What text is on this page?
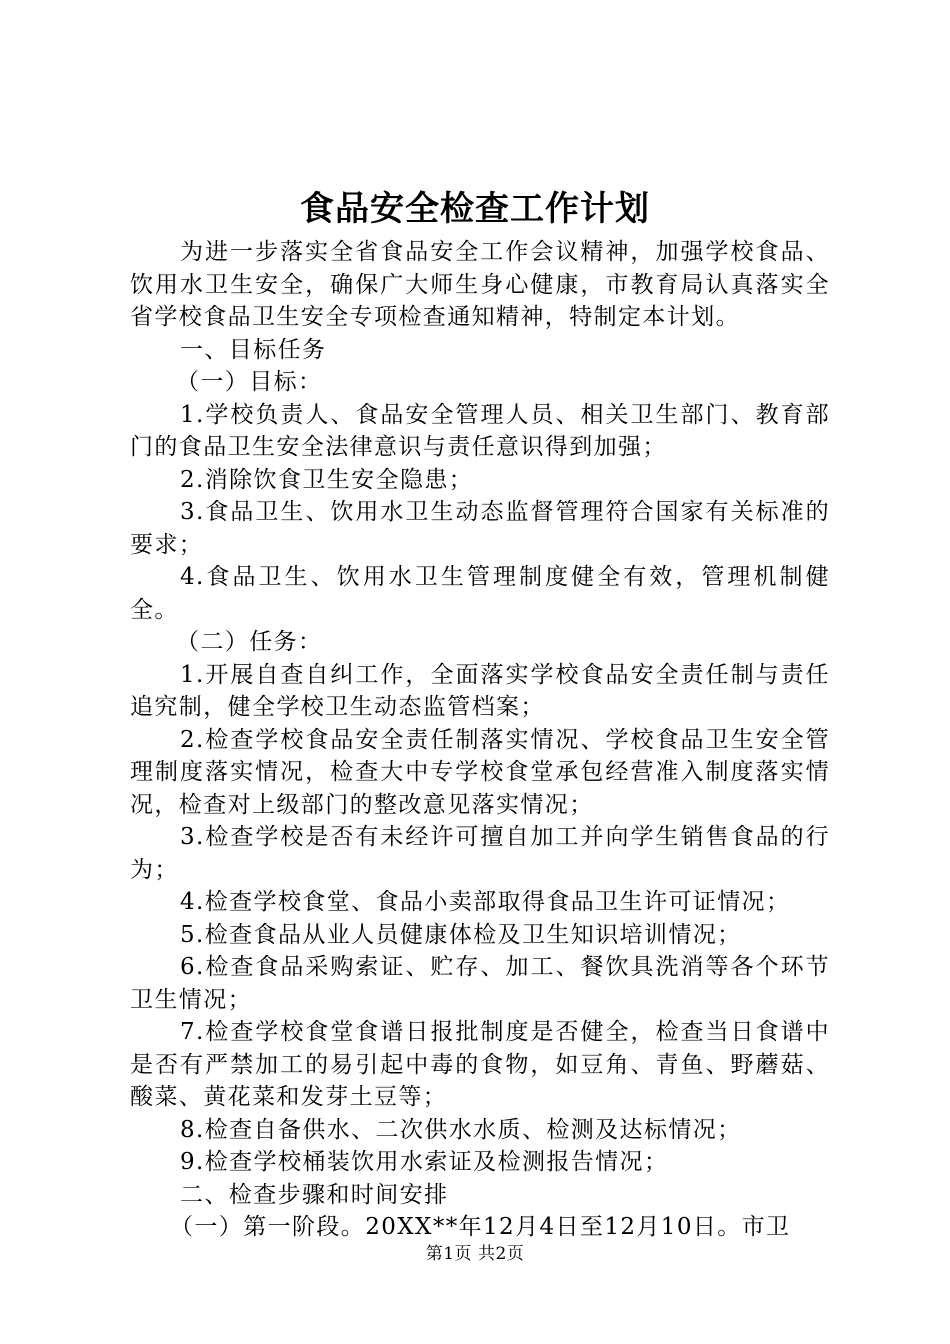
食品安全检查工作计划

为进一步落实全省食品安全工作会议精神，加强学校食品、饮用水卫生安全，确保广大师生身心健康，市教育局认真落实全省学校食品卫生安全专项检查通知精神，特制定本计划。

一、目标任务

（一）目标：

1.学校负责人、食品安全管理人员、相关卫生部门、教育部门的食品卫生安全法律意识与责任意识得到加强；

2.消除饮食卫生安全隐患；

3.食品卫生、饮用水卫生动态监督管理符合国家有关标准的要求；

4.食品卫生、饮用水卫生管理制度健全有效，管理机制健全。

（二）任务：

1.开展自查自纠工作，全面落实学校食品安全责任制与责任追究制，健全学校卫生动态监管档案；

2.检查学校食品安全责任制落实情况、学校食品卫生安全管理制度落实情况，检查大中专学校食堂承包经营准入制度落实情况，检查对上级部门的整改意见落实情况；

3.检查学校是否有未经许可擅自加工并向学生销售食品的行为；

4.检查学校食堂、食品小卖部取得食品卫生许可证情况；

5.检查食品从业人员健康体检及卫生知识培训情况；

6.检查食品采购索证、贮存、加工、餐饮具洗消等各个环节卫生情况；

7.检查学校食堂食谱日报批制度是否健全，检查当日食谱中是否有严禁加工的易引起中毒的食物，如豆角、青鱼、野蘑菇、酸菜、黄花菜和发芽土豆等；

8.检查自备供水、二次供水水质、检测及达标情况；

9.检查学校桶装饮用水索证及检测报告情况；

二、检查步骤和时间安排

（一）第一阶段。20XX**年12月4日至12月10日。市卫

第1页 共2页
